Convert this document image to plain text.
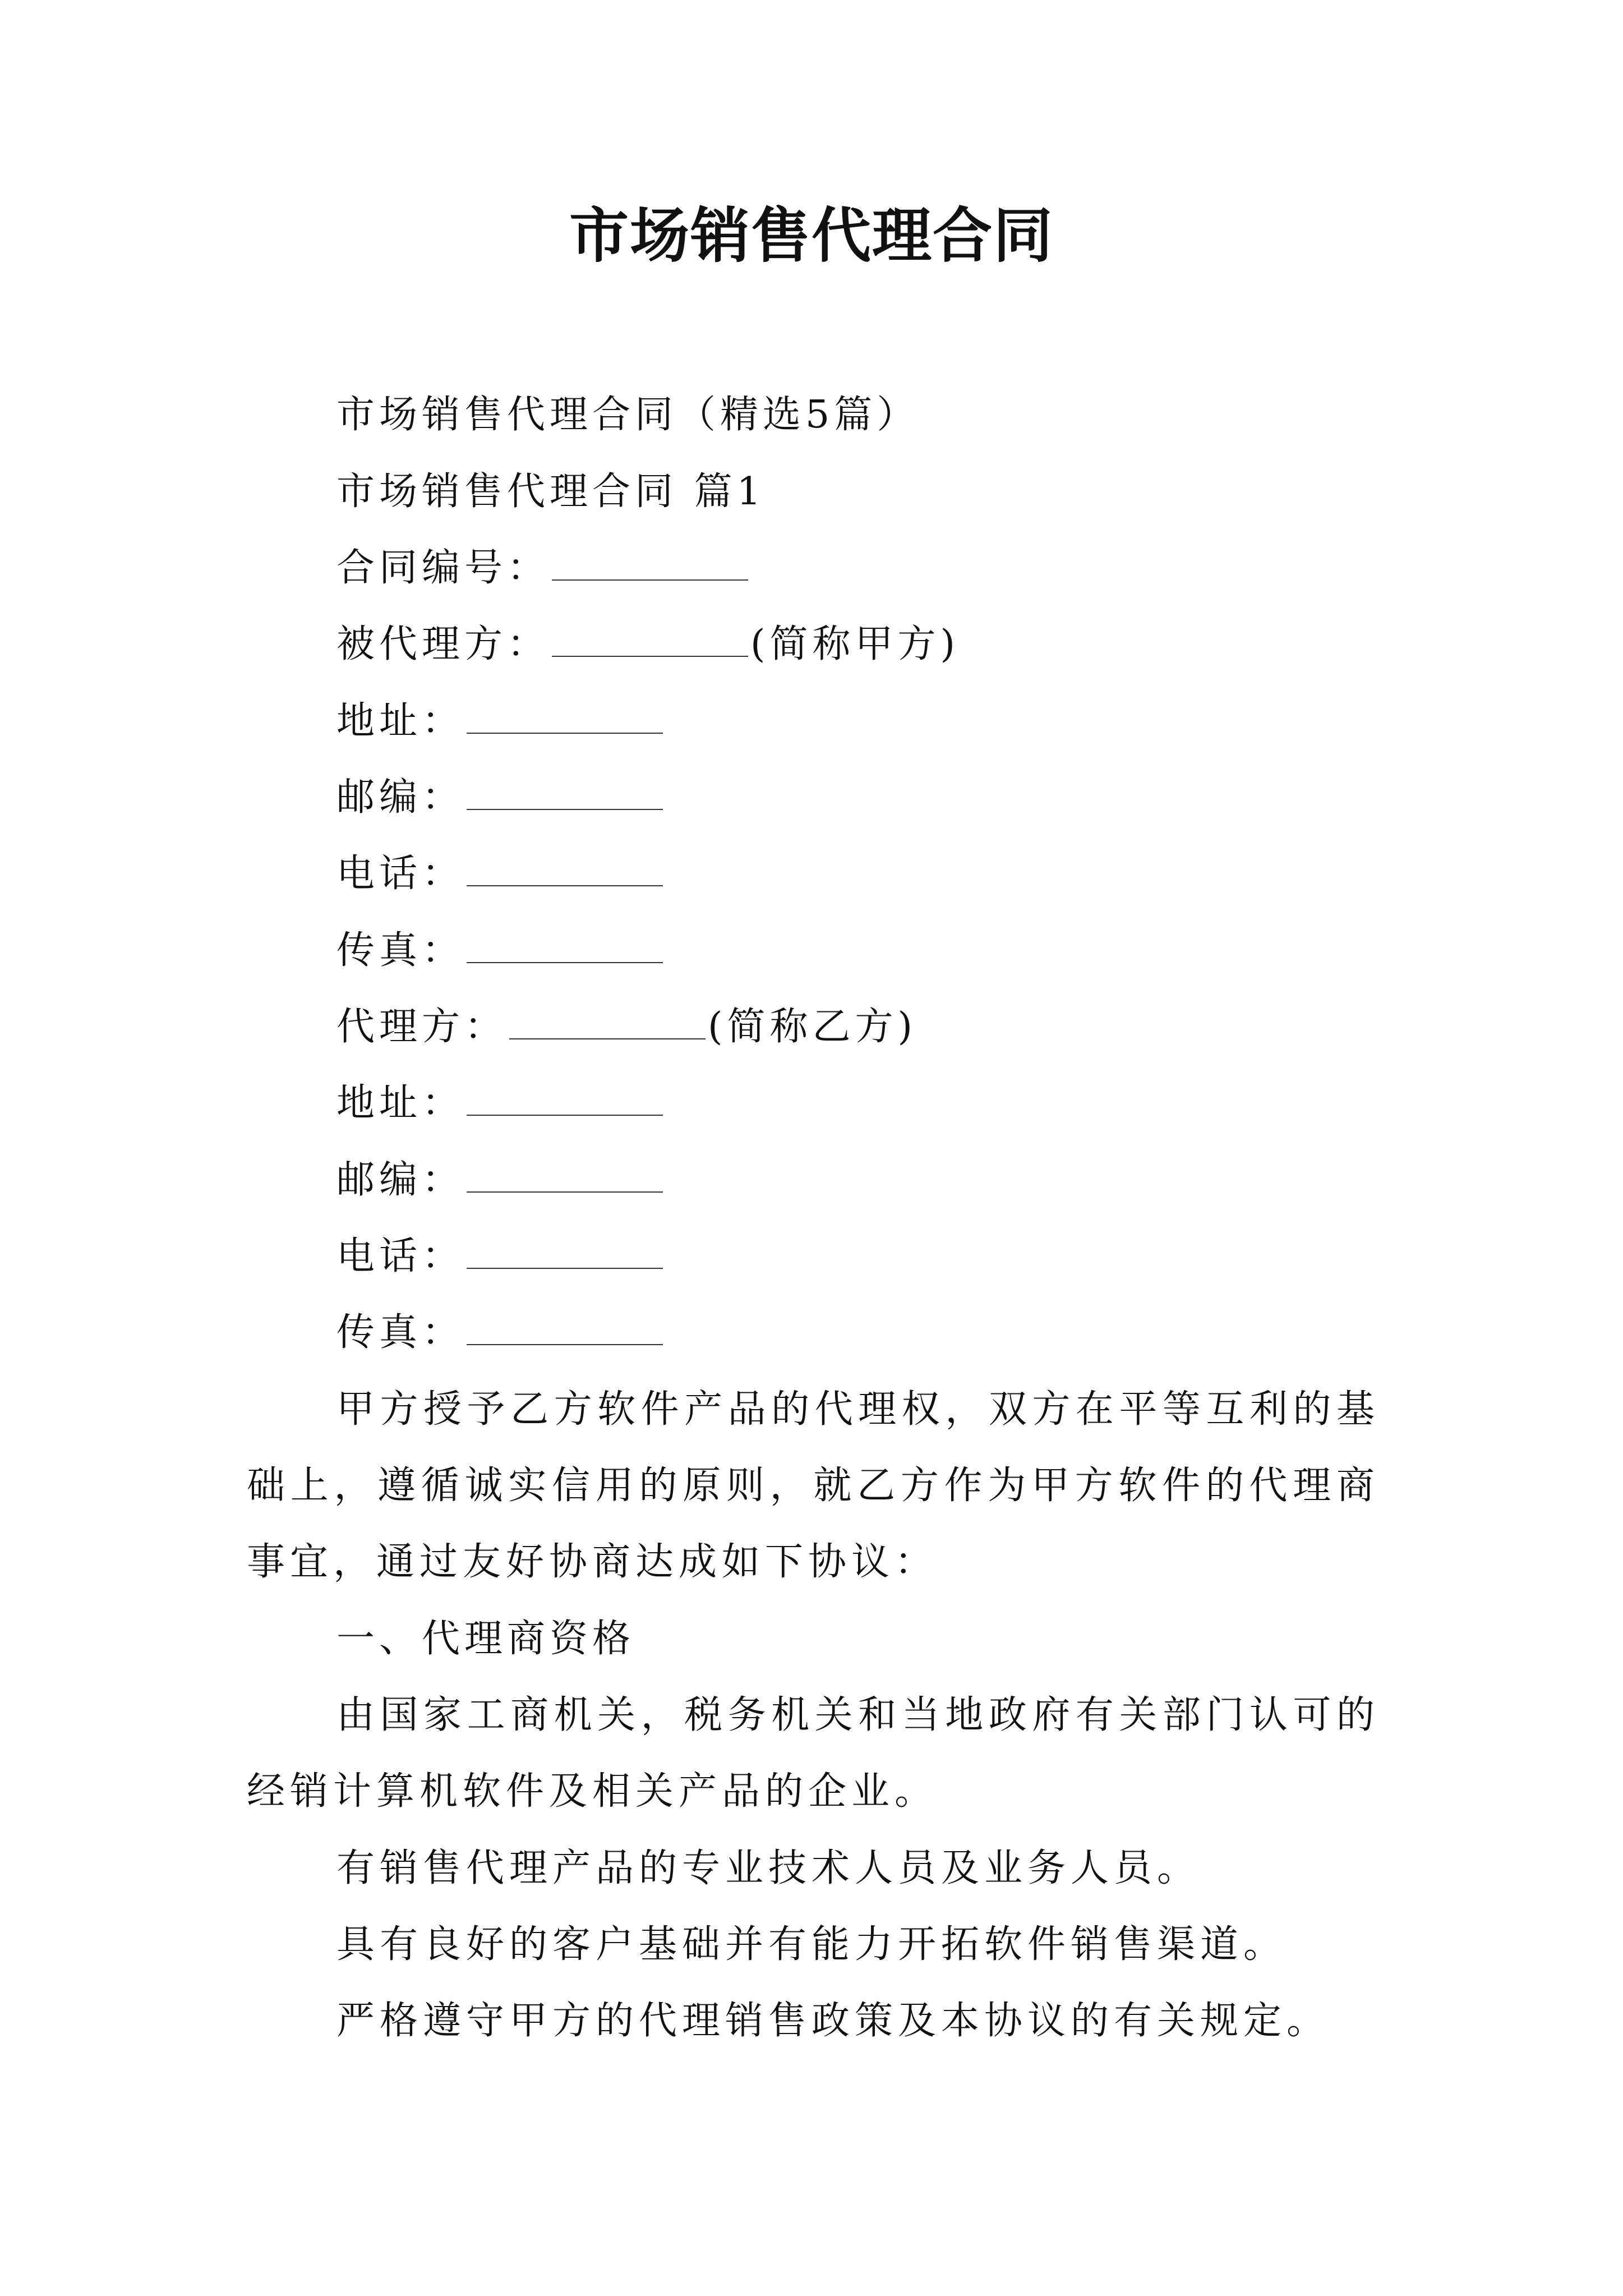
市场销售代理合同

市场销售代理合同（精选5篇）

市场销售代理合同 篇1

合同编号：

被代理方：	(简称甲方)

地址：

邮编：

电话：

传真：

代理方：	(简称乙方)

地址：

邮编：

电话：

传真：

甲方授予乙方软件产品的代理权，双方在平等互利的基础上，遵循诚实信用的原则，就乙方作为甲方软件的代理商事宜，通过友好协商达成如下协议：

一、代理商资格

由国家工商机关，税务机关和当地政府有关部门认可的经销计算机软件及相关产品的企业。

有销售代理产品的专业技术人员及业务人员。

具有良好的客户基础并有能力开拓软件销售渠道。

严格遵守甲方的代理销售政策及本协议的有关规定。
